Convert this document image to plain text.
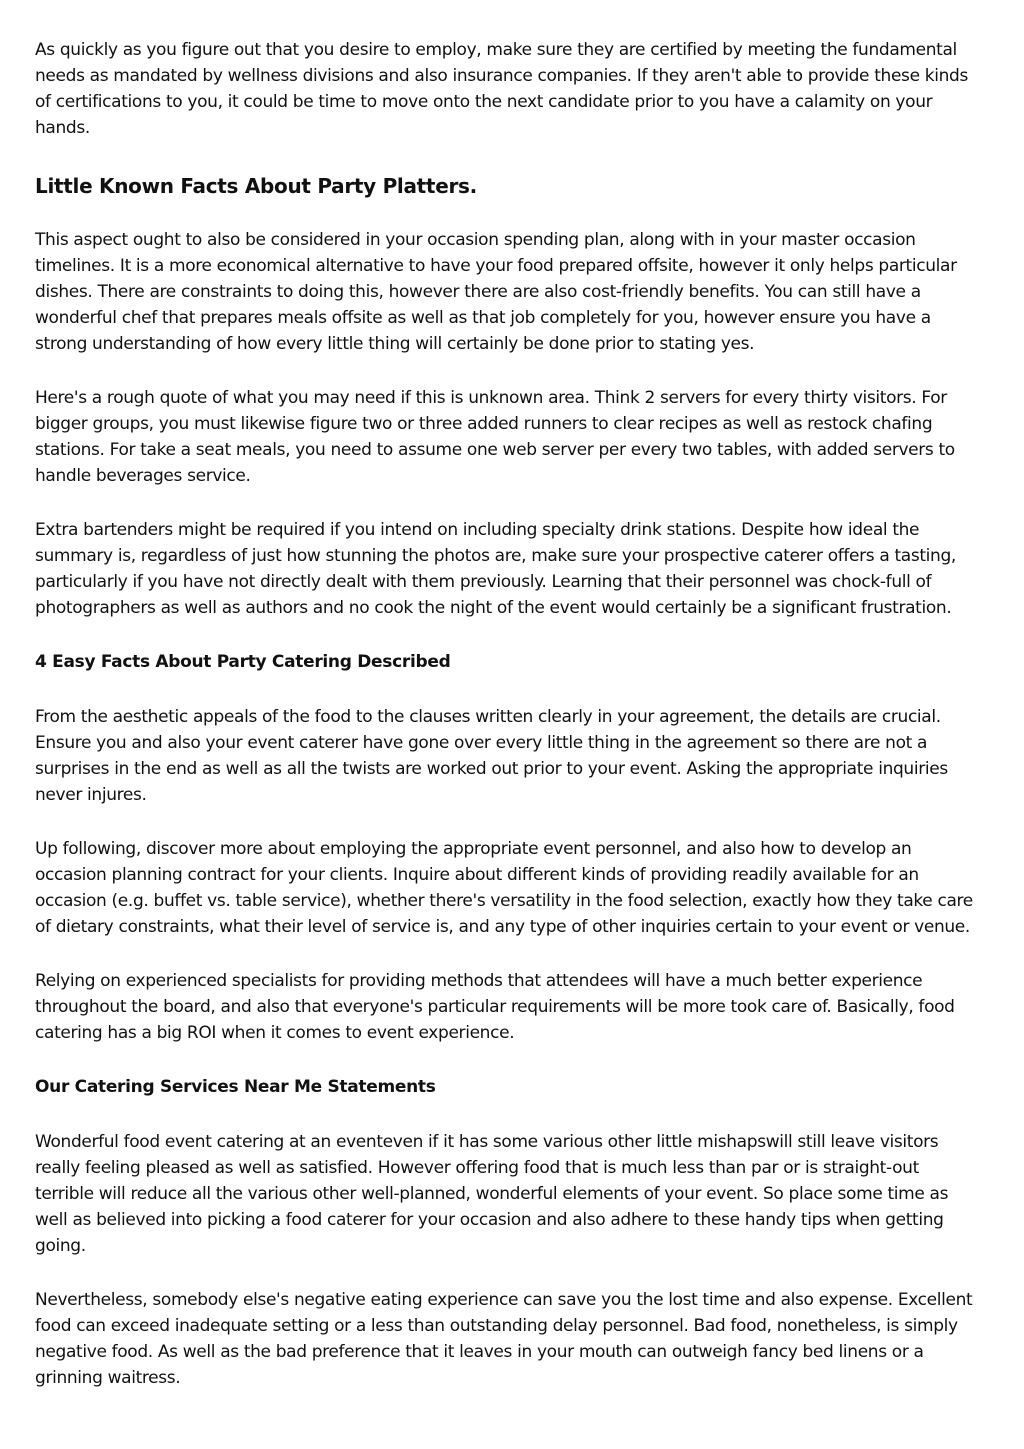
As quickly as you figure out that you desire to employ, make sure they are certified by meeting the fundamental needs as mandated by wellness divisions and also insurance companies. If they aren't able to provide these kinds of certifications to you, it could be time to move onto the next candidate prior to you have a calamity on your hands.

Little Known Facts About Party Platters.

This aspect ought to also be considered in your occasion spending plan, along with in your master occasion timelines. It is a more economical alternative to have your food prepared offsite, however it only helps particular dishes. There are constraints to doing this, however there are also cost-friendly benefits. You can still have a wonderful chef that prepares meals offsite as well as that job completely for you, however ensure you have a strong understanding of how every little thing will certainly be done prior to stating yes.

Here's a rough quote of what you may need if this is unknown area. Think 2 servers for every thirty visitors. For bigger groups, you must likewise figure two or three added runners to clear recipes as well as restock chafing stations. For take a seat meals, you need to assume one web server per every two tables, with added servers to handle beverages service.

Extra bartenders might be required if you intend on including specialty drink stations. Despite how ideal the summary is, regardless of just how stunning the photos are, make sure your prospective caterer offers a tasting, particularly if you have not directly dealt with them previously. Learning that their personnel was chock-full of photographers as well as authors and no cook the night of the event would certainly be a significant frustration.

4 Easy Facts About Party Catering Described

From the aesthetic appeals of the food to the clauses written clearly in your agreement, the details are crucial. Ensure you and also your event caterer have gone over every little thing in the agreement so there are not a surprises in the end as well as all the twists are worked out prior to your event. Asking the appropriate inquiries never injures.

Up following, discover more about employing the appropriate event personnel, and also how to develop an occasion planning contract for your clients. Inquire about different kinds of providing readily available for an occasion (e.g. buffet vs. table service), whether there's versatility in the food selection, exactly how they take care of dietary constraints, what their level of service is, and any type of other inquiries certain to your event or venue.

Relying on experienced specialists for providing methods that attendees will have a much better experience throughout the board, and also that everyone's particular requirements will be more took care of. Basically, food catering has a big ROI when it comes to event experience.

Our Catering Services Near Me Statements

Wonderful food event catering at an eventeven if it has some various other little mishapswill still leave visitors really feeling pleased as well as satisfied. However offering food that is much less than par or is straight-out terrible will reduce all the various other well-planned, wonderful elements of your event. So place some time as well as believed into picking a food caterer for your occasion and also adhere to these handy tips when getting going.

Nevertheless, somebody else's negative eating experience can save you the lost time and also expense. Excellent food can exceed inadequate setting or a less than outstanding delay personnel. Bad food, nonetheless, is simply negative food. As well as the bad preference that it leaves in your mouth can outweigh fancy bed linens or a grinning waitress.
